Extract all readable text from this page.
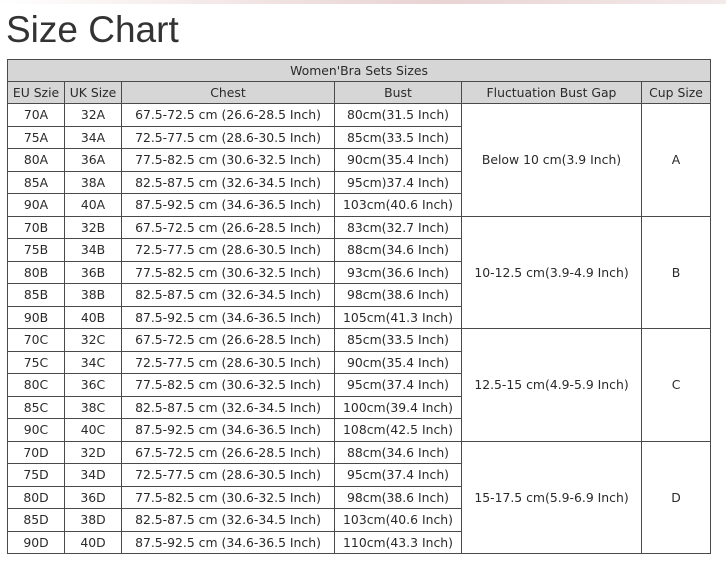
Size Chart
Women'Bra Sets Sizes					
EU Szie	UK Size	Chest	Bust	Fluctuation Bust Gap	Cup Size
70A	32A	67.5-72.5 cm (26.6-28.5 Inch)	80cm(31.5 Inch)	Below 10 cm(3.9 Inch)	A
75A	34A	72.5-77.5 cm (28.6-30.5 Inch)	85cm(33.5 Inch)		
80A	36A	77.5-82.5 cm (30.6-32.5 Inch)	90cm(35.4 Inch)		
85A	38A	82.5-87.5 cm (32.6-34.5 Inch)	95cm)37.4 Inch)		
90A	40A	87.5-92.5 cm (34.6-36.5 Inch)	103cm(40.6 Inch)		
70B	32B	67.5-72.5 cm (26.6-28.5 Inch)	83cm(32.7 Inch)	10-12.5 cm(3.9-4.9 Inch)	B
75B	34B	72.5-77.5 cm (28.6-30.5 Inch)	88cm(34.6 Inch)		
80B	36B	77.5-82.5 cm (30.6-32.5 Inch)	93cm(36.6 Inch)		
85B	38B	82.5-87.5 cm (32.6-34.5 Inch)	98cm(38.6 Inch)		
90B	40B	87.5-92.5 cm (34.6-36.5 Inch)	105cm(41.3 Inch)		
70C	32C	67.5-72.5 cm (26.6-28.5 Inch)	85cm(33.5 Inch)	12.5-15 cm(4.9-5.9 Inch)	C
75C	34C	72.5-77.5 cm (28.6-30.5 Inch)	90cm(35.4 Inch)		
80C	36C	77.5-82.5 cm (30.6-32.5 Inch)	95cm(37.4 Inch)		
85C	38C	82.5-87.5 cm (32.6-34.5 Inch)	100cm(39.4 Inch)		
90C	40C	87.5-92.5 cm (34.6-36.5 Inch)	108cm(42.5 Inch)		
70D	32D	67.5-72.5 cm (26.6-28.5 Inch)	88cm(34.6 Inch)	15-17.5 cm(5.9-6.9 Inch)	D
75D	34D	72.5-77.5 cm (28.6-30.5 Inch)	95cm(37.4 Inch)		
80D	36D	77.5-82.5 cm (30.6-32.5 Inch)	98cm(38.6 Inch)		
85D	38D	82.5-87.5 cm (32.6-34.5 Inch)	103cm(40.6 Inch)		
90D	40D	87.5-92.5 cm (34.6-36.5 Inch)	110cm(43.3 Inch)		
